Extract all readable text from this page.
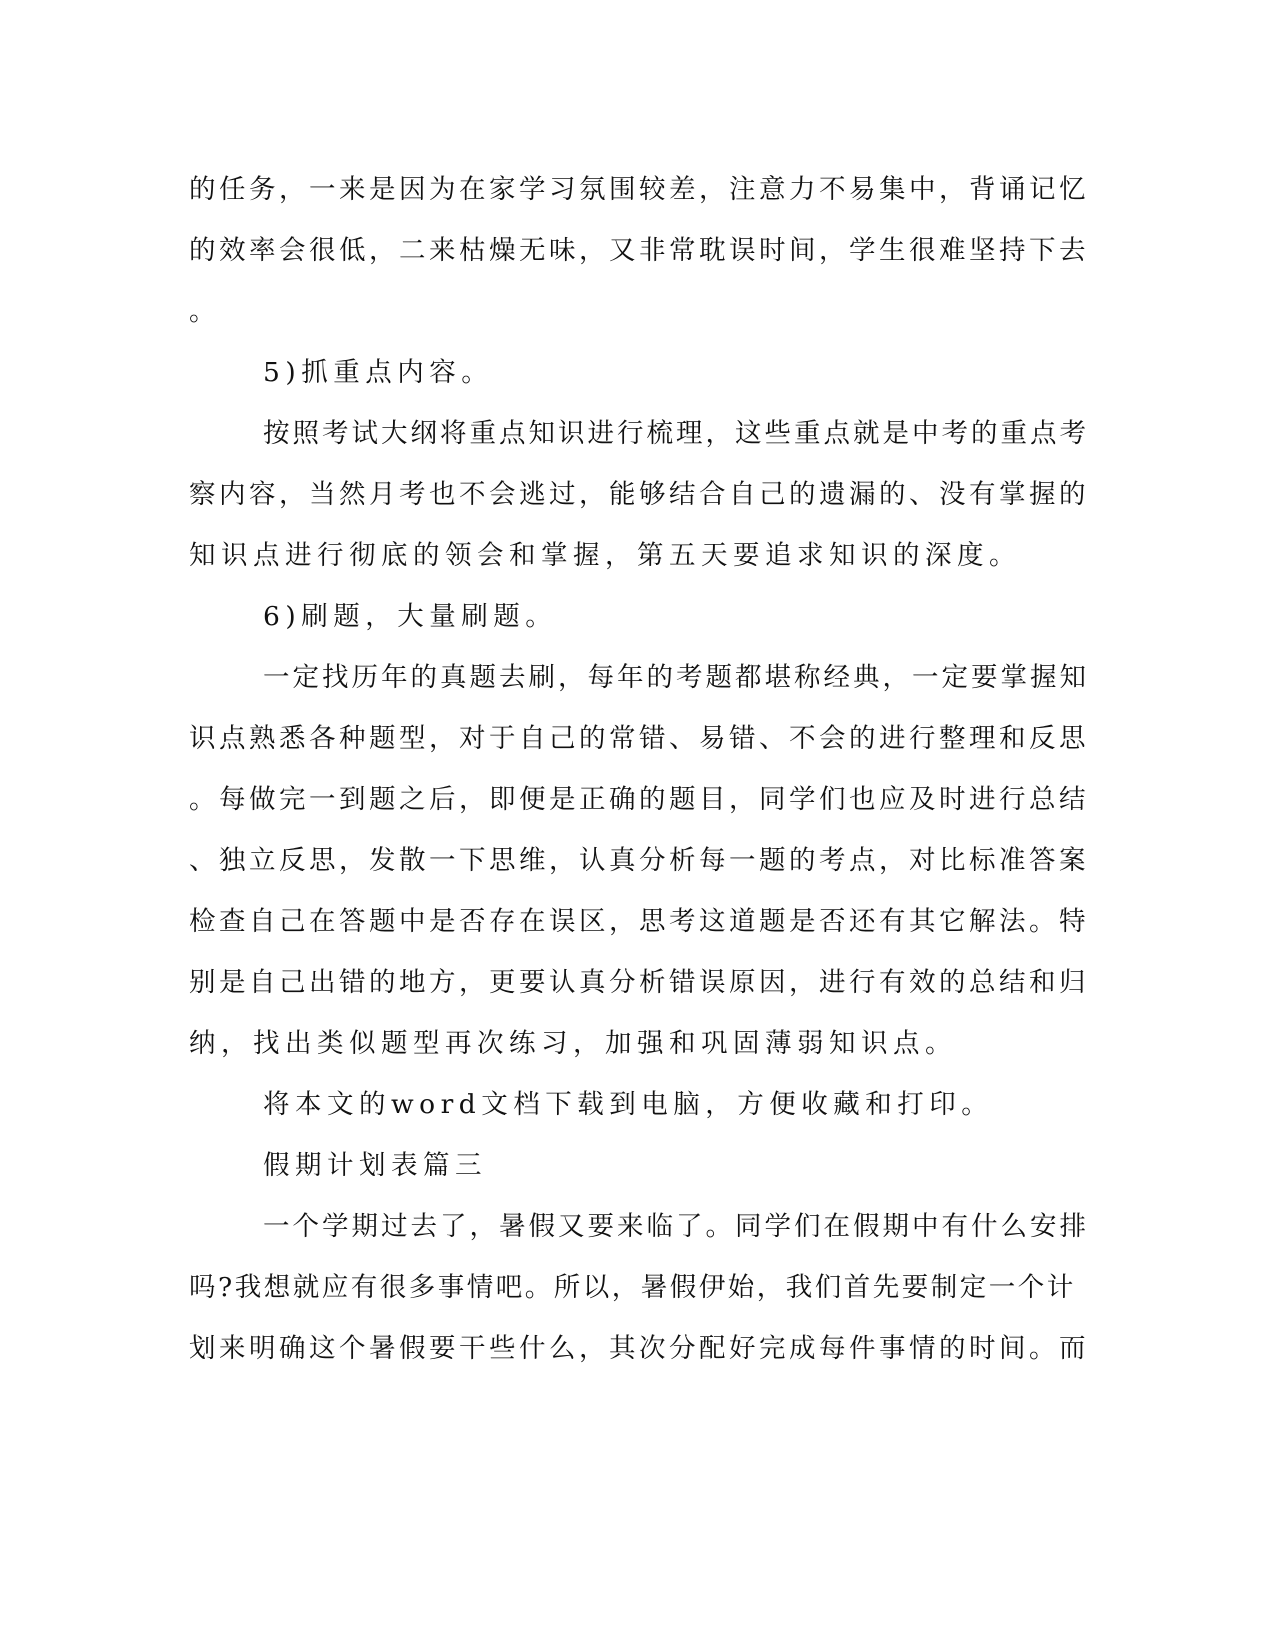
的任务，一来是因为在家学习氛围较差，注意力不易集中，背诵记忆
的效率会很低，二来枯燥无味，又非常耽误时间，学生很难坚持下去
。
5)抓重点内容。
按照考试大纲将重点知识进行梳理，这些重点就是中考的重点考
察内容，当然月考也不会逃过，能够结合自己的遗漏的、没有掌握的
知识点进行彻底的领会和掌握，第五天要追求知识的深度。
6)刷题，大量刷题。
一定找历年的真题去刷，每年的考题都堪称经典，一定要掌握知
识点熟悉各种题型，对于自己的常错、易错、不会的进行整理和反思
。每做完一到题之后，即便是正确的题目，同学们也应及时进行总结
、独立反思，发散一下思维，认真分析每一题的考点，对比标准答案
检查自己在答题中是否存在误区，思考这道题是否还有其它解法。特
别是自己出错的地方，更要认真分析错误原因，进行有效的总结和归
纳，找出类似题型再次练习，加强和巩固薄弱知识点。
将本文的word文档下载到电脑，方便收藏和打印。
假期计划表篇三
一个学期过去了，暑假又要来临了。同学们在假期中有什么安排
吗?我想就应有很多事情吧。所以，暑假伊始，我们首先要制定一个计
划来明确这个暑假要干些什么，其次分配好完成每件事情的时间。而
